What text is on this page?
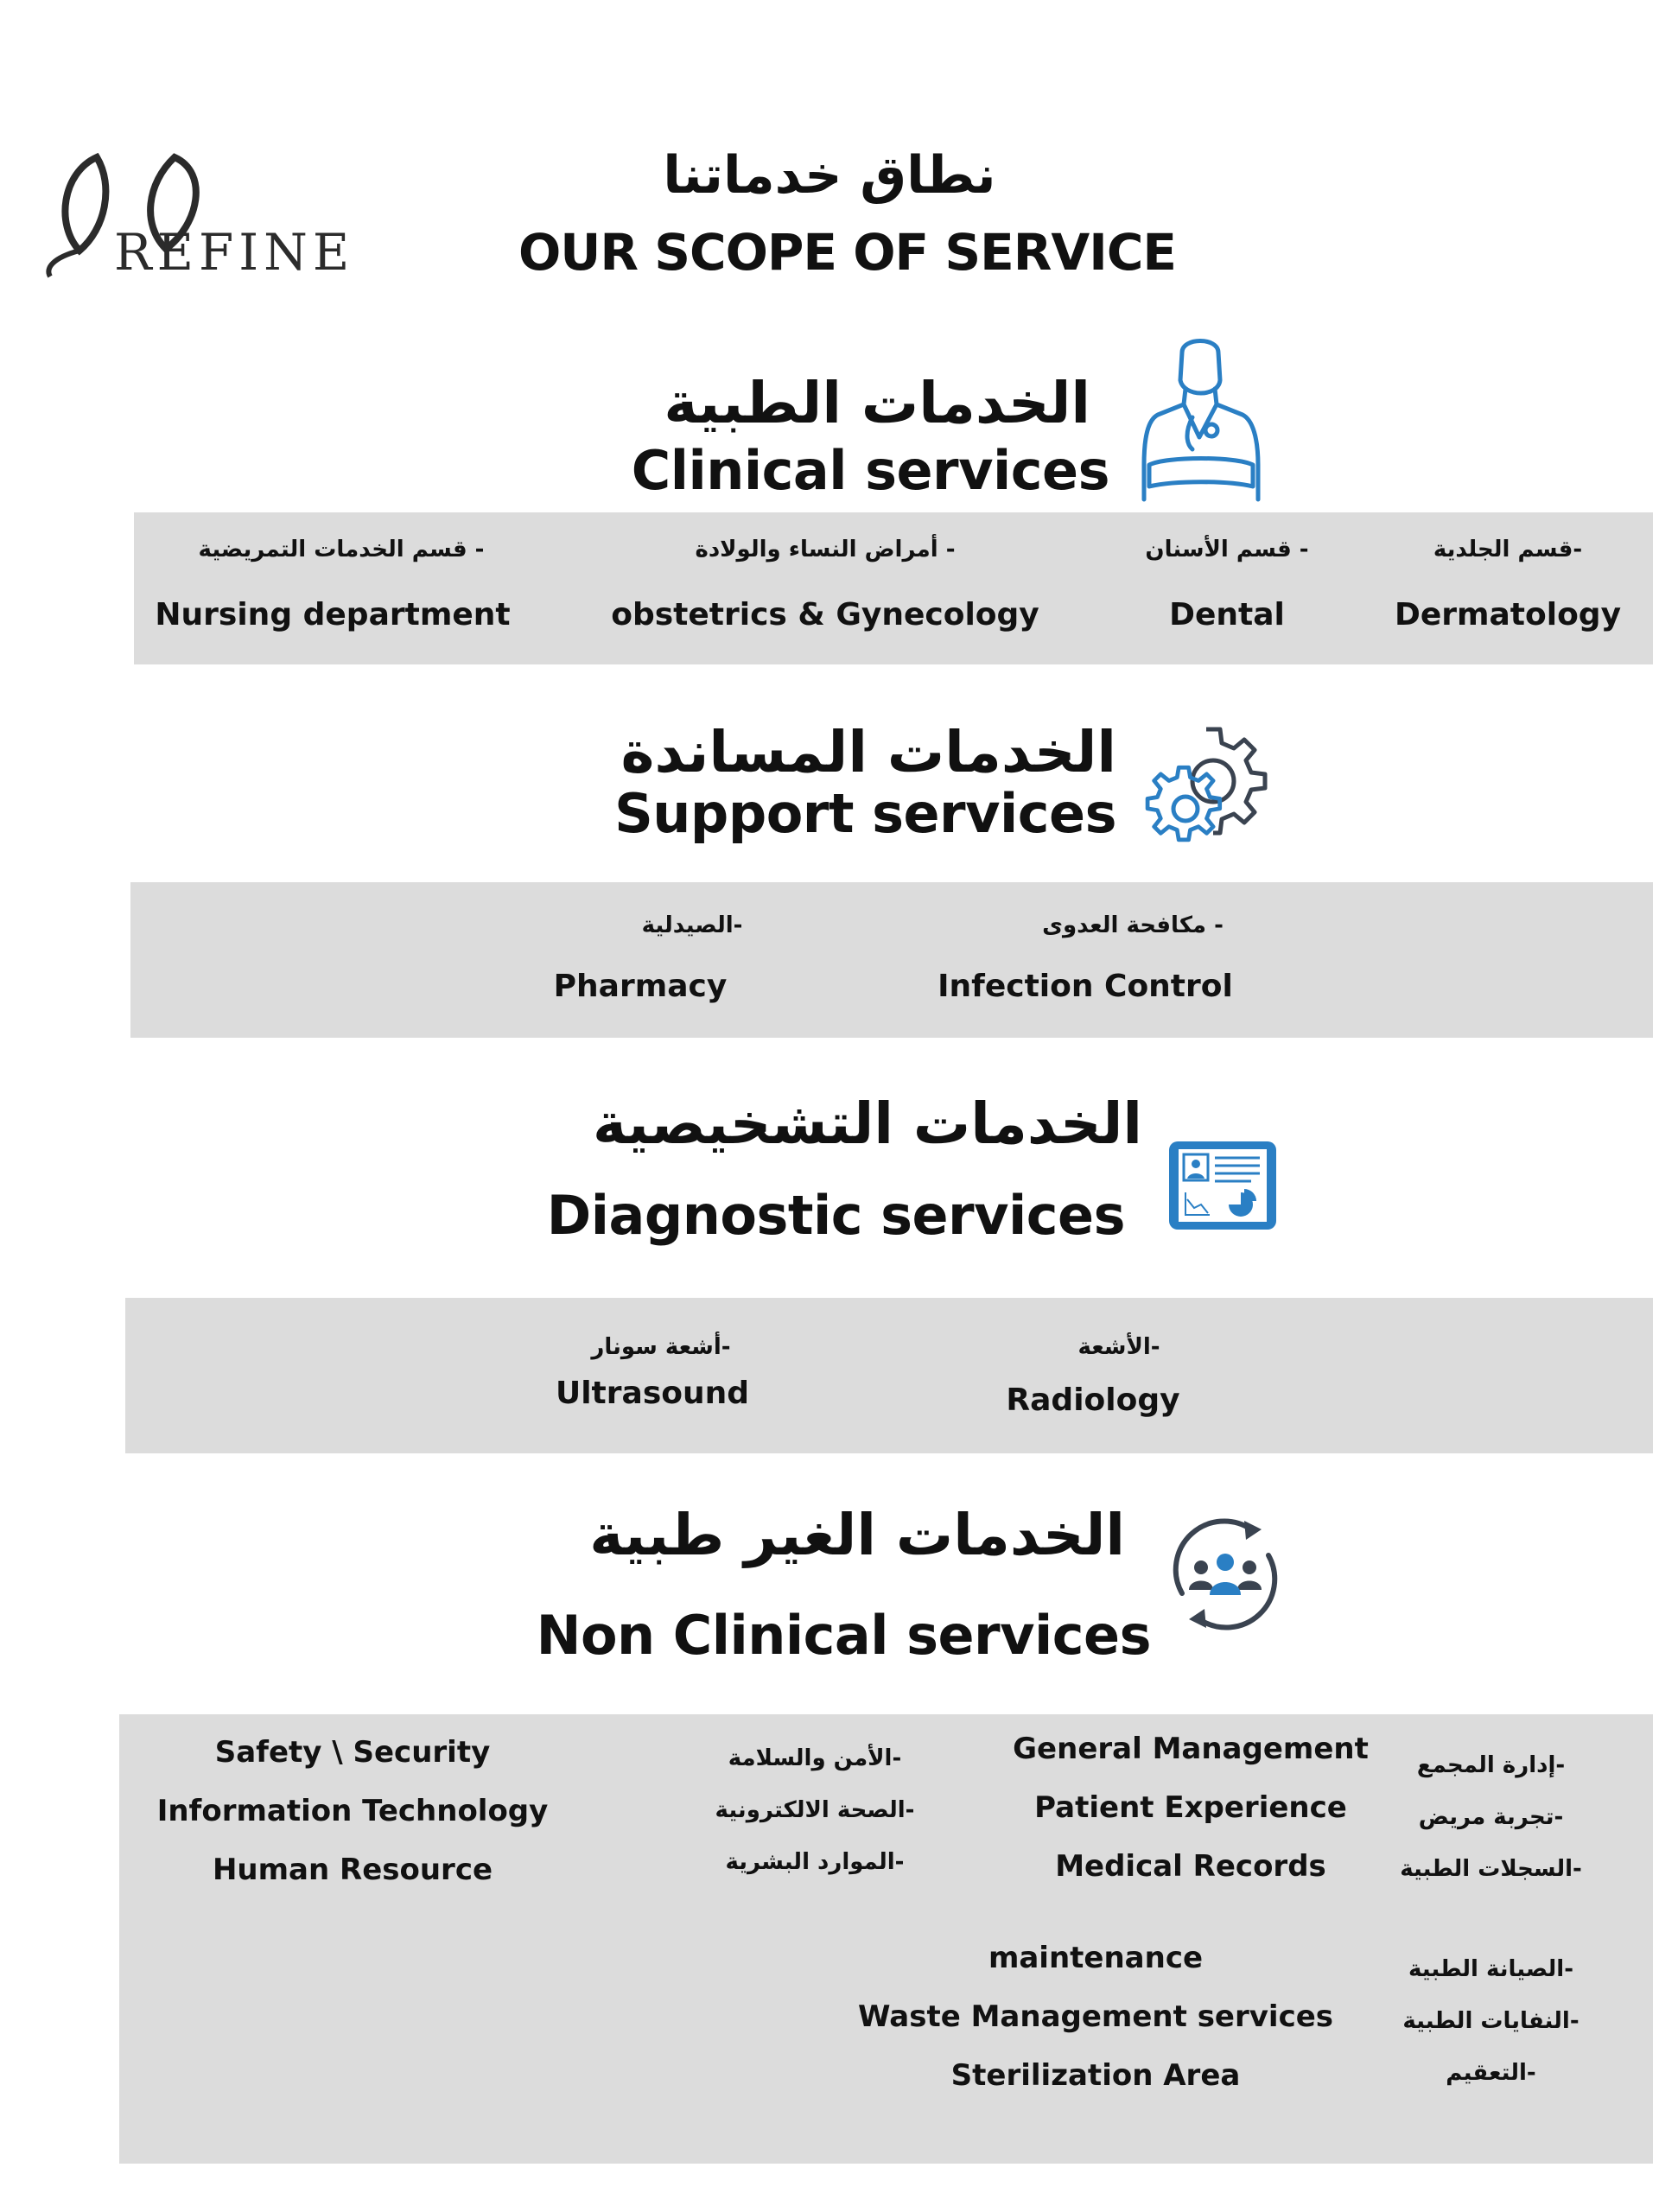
REFINE
نطاق خدماتنا
OUR SCOPE OF SERVICE
الخدمات الطبية
Clinical services
-قسم الجلدية
Dermatology
- قسم الأسنان
Dental
- أمراض النساء والولادة
obstetrics & Gynecology
- قسم الخدمات التمريضية
Nursing department
الخدمات المساندة
Support services
- مكافحة العدوى
Infection Control
-الصيدلية
Pharmacy
الخدمات التشخيصية
Diagnostic services
-الأشعة
Radiology
-أشعة سونار
Ultrasound
الخدمات الغير طبية
Non Clinical services
-إدارة المجمع
-تجربة مريض
-السجلات الطبية
General Management
Patient Experience
Medical Records
-الصيانة الطبية
-النفايات الطبية
-التعقيم
maintenance
Waste Management services
Sterilization Area
-الأمن والسلامة
-الصحة الالكترونية
-الموارد البشرية
Safety \ Security
Information Technology
Human Resource
